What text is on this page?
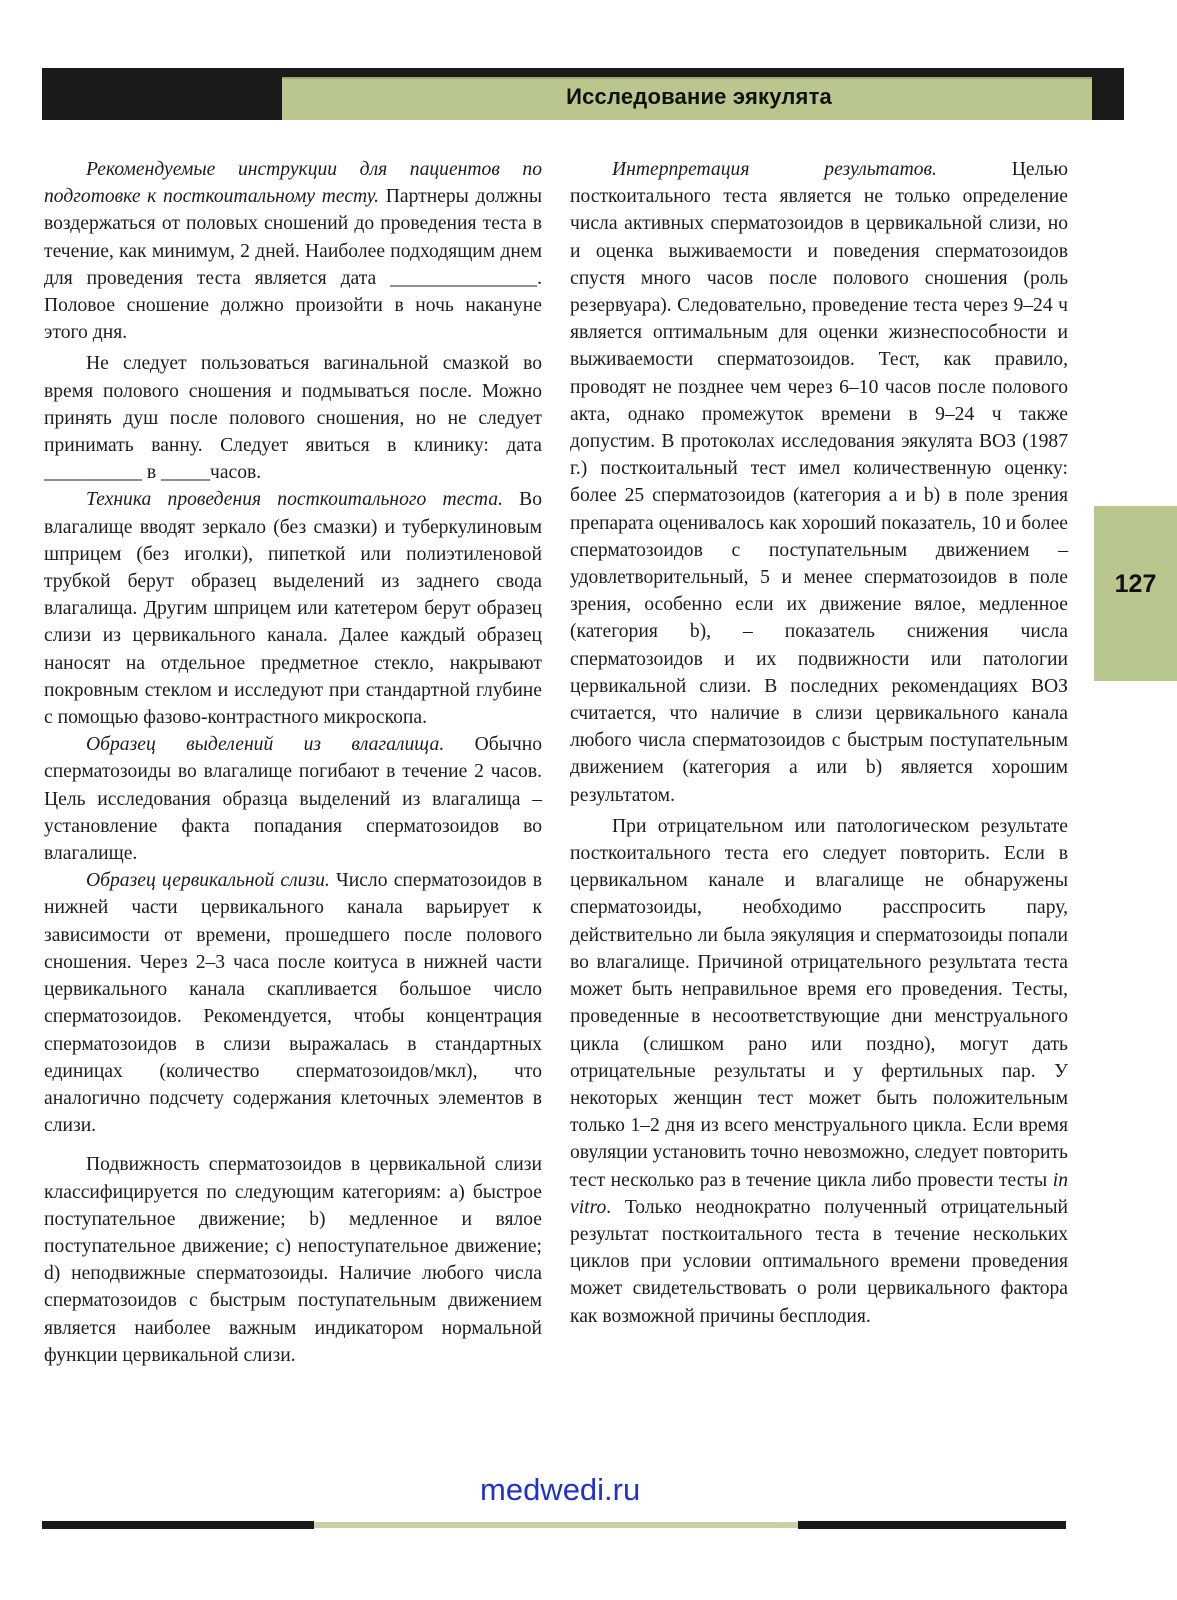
Исследование эякулята
127

Рекомендуемые инструкции для пациентов по подготовке к посткоитальному тесту. Партнеры должны воздержаться от половых сношений до проведения теста в течение, как минимум, 2 дней. Наиболее подходящим днем для проведения теста является дата _______________. Половое сношение должно произойти в ночь накануне этого дня.

Не следует пользоваться вагинальной смазкой во время полового сношения и подмываться после. Можно принять душ после полового сношения, но не следует принимать ванну. Следует явиться в клинику: дата __________ в _____часов.

Техника проведения посткоитального теста. Во влагалище вводят зеркало (без смазки) и туберкулиновым шприцем (без иголки), пипеткой или полиэтиленовой трубкой берут образец выделений из заднего свода влагалища. Другим шприцем или катетером берут образец слизи из цервикального канала. Далее каждый образец наносят на отдельное предметное стекло, накрывают покровным стеклом и исследуют при стандартной глубине с помощью фазово-контрастного микроскопа.

Образец выделений из влагалища. Обычно сперматозоиды во влагалище погибают в течение 2 часов. Цель исследования образца выделений из влагалища – установление факта попадания сперматозоидов во влагалище.

Образец цервикальной слизи. Число сперматозоидов в нижней части цервикального канала варьирует к зависимости от времени, прошедшего после полового сношения. Через 2–3 часа после коитуса в нижней части цервикального канала скапливается большое число сперматозоидов. Рекомендуется, чтобы концентрация сперматозоидов в слизи выражалась в стандартных единицах (количество сперматозоидов/мкл), что аналогично подсчету содержания клеточных элементов в слизи.

Подвижность сперматозоидов в цервикальной слизи классифицируется по следующим категориям: a) быстрое поступательное движение; b) медленное и вялое поступательное движение; c) непоступательное движение; d) неподвижные сперматозоиды. Наличие любого числа сперматозоидов с быстрым поступательным движением является наиболее важным индикатором нормальной функции цервикальной слизи.

Интерпретация результатов. Целью посткоитального теста является не только определение числа активных сперматозоидов в цервикальной слизи, но и оценка выживаемости и поведения сперматозоидов спустя много часов после полового сношения (роль резервуара). Следовательно, проведение теста через 9–24 ч является оптимальным для оценки жизнеспособности и выживаемости сперматозоидов. Тест, как правило, проводят не позднее чем через 6–10 часов после полового акта, однако промежуток времени в 9–24 ч также допустим. В протоколах исследования эякулята ВОЗ (1987 г.) посткоитальный тест имел количественную оценку: более 25 сперматозоидов (категория a и b) в поле зрения препарата оценивалось как хороший показатель, 10 и более сперматозоидов с поступательным движением – удовлетворительный, 5 и менее сперматозоидов в поле зрения, особенно если их движение вялое, медленное (категория b), – показатель снижения числа сперматозоидов и их подвижности или патологии цервикальной слизи. В последних рекомендациях ВОЗ считается, что наличие в слизи цервикального канала любого числа сперматозоидов с быстрым поступательным движением (категория a или b) является хорошим результатом.

При отрицательном или патологическом результате посткоитального теста его следует повторить. Если в цервикальном канале и влагалище не обнаружены сперматозоиды, необходимо расспросить пару, действительно ли была эякуляция и сперматозоиды попали во влагалище. Причиной отрицательного результата теста может быть неправильное время его проведения. Тесты, проведенные в несоответствующие дни менструального цикла (слишком рано или поздно), могут дать отрицательные результаты и у фертильных пар. У некоторых женщин тест может быть положительным только 1–2 дня из всего менструального цикла. Если время овуляции установить точно невозможно, следует повторить тест несколько раз в течение цикла либо провести тесты in vitro. Только неоднократно полученный отрицательный результат посткоитального теста в течение нескольких циклов при условии оптимального времени проведения может свидетельствовать о роли цервикального фактора как возможной причины бесплодия.

medwedi.ru
